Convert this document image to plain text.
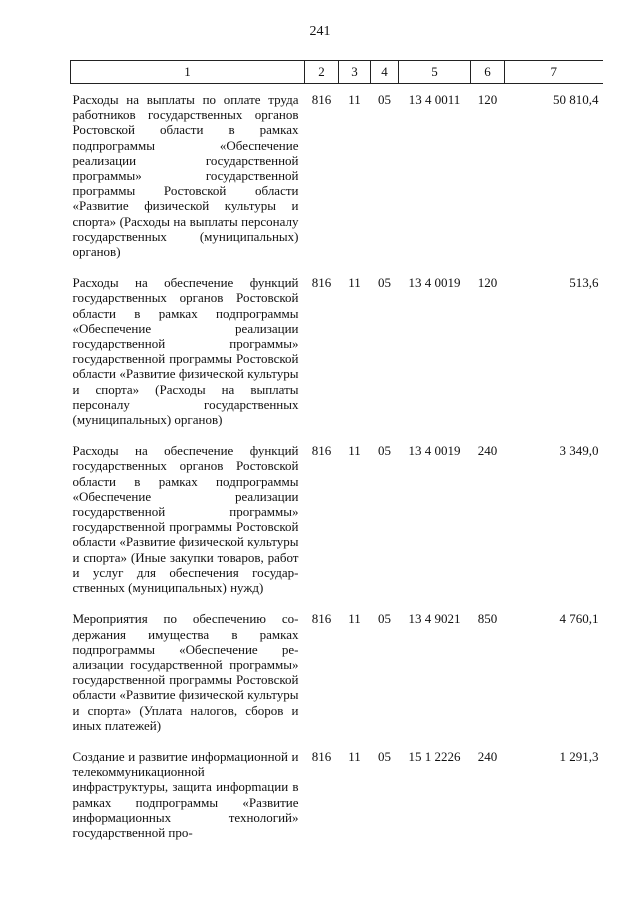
241
1	2	3	4	5	6	7
Расходы на выплаты по оплате труда работников государственных органов Ростовской области в рамках подпрограммы «Обеспечение реализации государственной программы» государственной программы Ростовской области «Развитие физической культуры и спорта» (Расходы на выплаты персоналу государственных (муниципальных) органов)	816	11	05	13 4 0011	120	50 810,4
Расходы на обеспечение функций государственных органов Ростовской области в рамках подпрограммы «Обеспечение реализации государственной программы» государственной программы Ростовской области «Развитие физической культуры и спорта» (Расходы на выплаты персоналу государственных (муниципальных) органов)	816	11	05	13 4 0019	120	513,6
Расходы на обеспечение функций государственных органов Ростовской области в рамках подпрограммы «Обеспечение реализации государственной программы» государственной программы Ростовской области «Развитие физической культуры и спорта» (Иные закупки товаров, работ и услуг для обеспечения государственных (муниципальных) нужд)	816	11	05	13 4 0019	240	3 349,0
Мероприятия по обеспечению содержания имущества в рамках подпрограммы «Обеспечение реализации государственной программы» государственной программы Ростовской области «Развитие физической культуры и спорта» (Уплата налогов, сборов и иных платежей)	816	11	05	13 4 9021	850	4 760,1
Создание и развитие информационной и телекоммуникационной инфраструктуры, защита инфорmации в рамках подпрограммы «Развитие информационных технологий» государственной про-	816	11	05	15 1 2226	240	1 291,3
